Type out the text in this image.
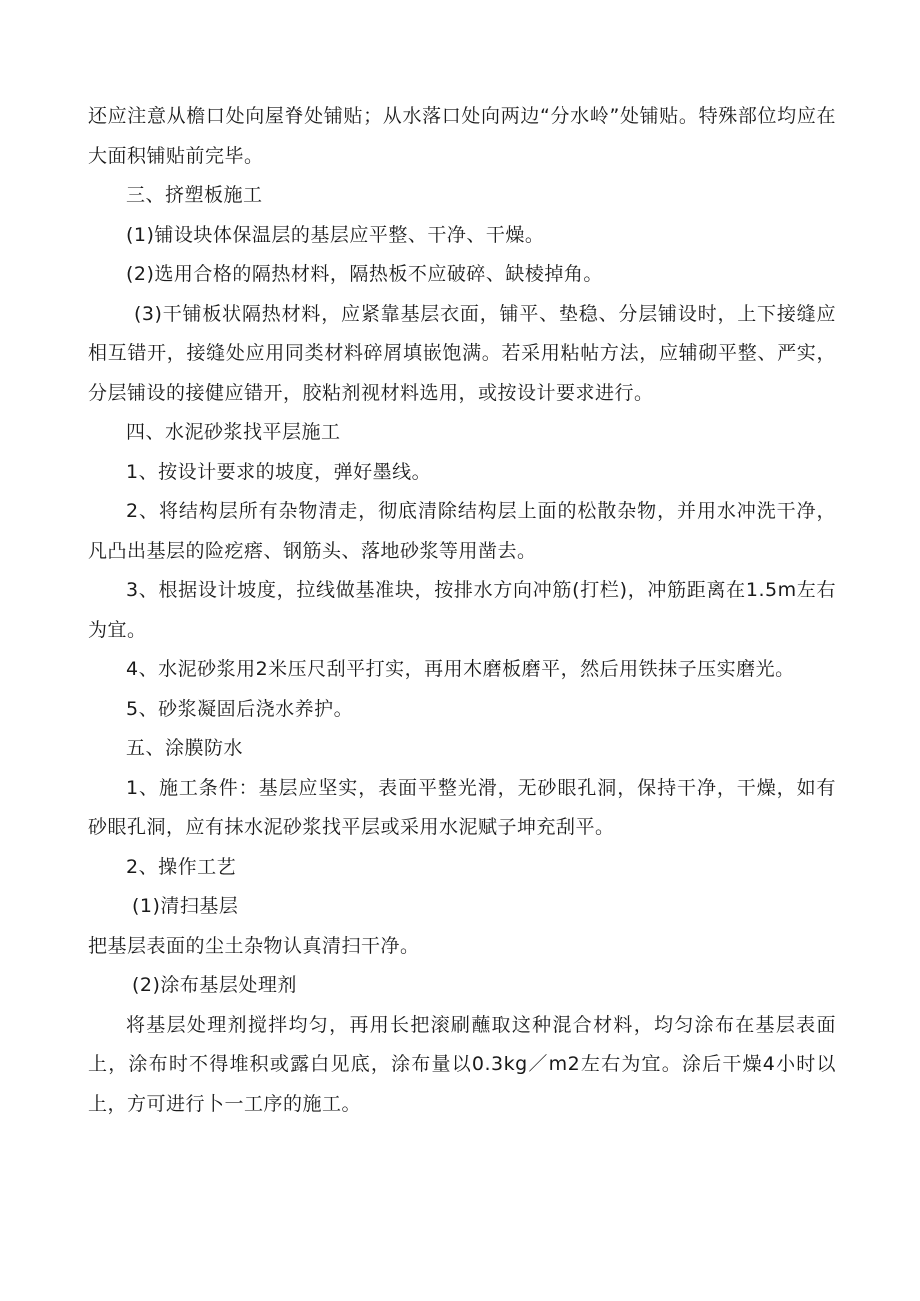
还应注意从檐口处向屋脊处铺贴；从水落口处向两边“分水岭”处铺贴。特殊部位均应在大面积铺贴前完毕。

三、挤塑板施工

(1)铺设块体保温层的基层应平整、干净、干燥。

(2)选用合格的隔热材料，隔热板不应破碎、缺棱掉角。

(3)干铺板状隔热材料，应紧靠基层衣面，铺平、垫稳、分层铺设时，上下接缝应相互错开，接缝处应用同类材料碎屑填嵌饱满。若采用粘帖方法，应辅砌平整、严实，分层铺设的接健应错开，胶粘剂视材料选用，或按设计要求进行。

四、水泥砂浆找平层施工

1、按设计要求的坡度，弹好墨线。

2、将结构层所有杂物清走，彻底清除结构层上面的松散杂物，并用水冲洗干净，凡凸出基层的险疙瘩、钢筋头、落地砂浆等用凿去。

3、根据设计坡度，拉线做基准块，按排水方向冲筋(打栏)，冲筋距离在1.5m左右为宜。

4、水泥砂浆用2米压尺刮平打实，再用木磨板磨平，然后用铁抹子压实磨光。

5、砂浆凝固后浇水养护。

五、涂膜防水

1、施工条件：基层应坚实，表面平整光滑，无砂眼孔洞，保持干净，干燥，如有砂眼孔洞，应有抹水泥砂浆找平层或采用水泥赋子坤充刮平。

2、操作工艺

(1)清扫基层

把基层表面的尘土杂物认真清扫干净。

(2)涂布基层处理剂

将基层处理剂搅拌均匀，再用长把滚刷蘸取这种混合材料，均匀涂布在基层表面上，涂布时不得堆积或露白见底，涂布量以0.3kg／m2左右为宜。涂后干燥4小时以上，方可进行卜一工序的施工。
